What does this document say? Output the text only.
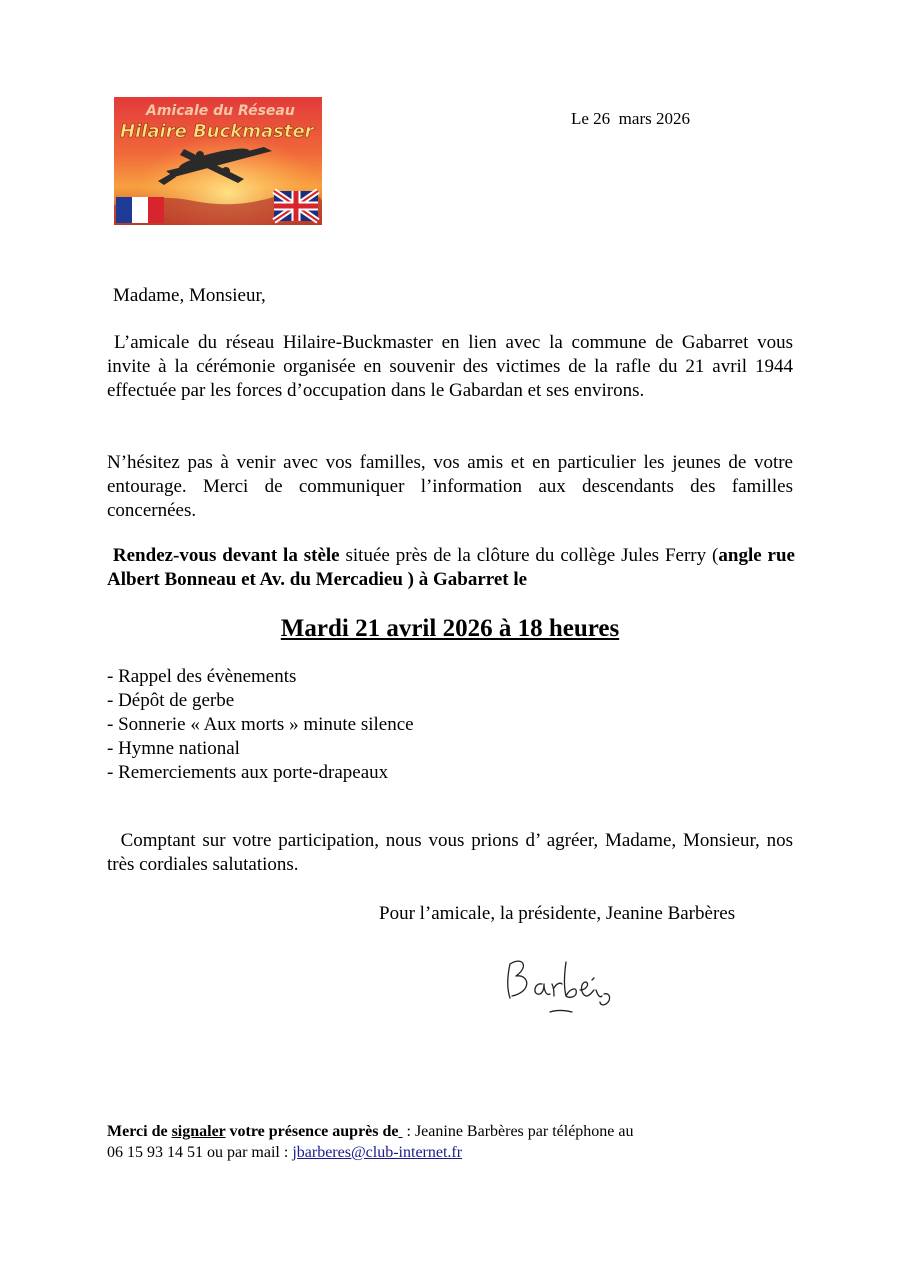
Amicale du Réseau
Hilaire Buckmaster
Le 26  mars 2026
Madame, Monsieur,
L’amicale du réseau Hilaire-Buckmaster en lien avec la commune de Gabarret vous invite à la cérémonie organisée en souvenir des victimes de la rafle du 21 avril 1944 effectuée par les forces d’occupation dans le Gabardan et ses environs.
N’hésitez pas à venir avec vos familles, vos amis et en particulier les jeunes de votre entourage. Merci de communiquer l’information aux descendants des familles concernées.
Rendez-vous devant la stèle située près de la clôture du collège Jules Ferry (angle rue Albert Bonneau et Av. du Mercadieu ) à Gabarret le
Mardi 21 avril 2026 à 18 heures
- Rappel des évènements
- Dépôt de gerbe
- Sonnerie « Aux morts » minute silence
- Hymne national
- Remerciements aux porte-drapeaux
Comptant sur votre participation, nous vous prions d’ agréer, Madame, Monsieur, nos très cordiales salutations.
Pour l’amicale, la présidente, Jeanine Barbères
Merci de signaler votre présence auprès de  : Jeanine Barbères par téléphone au
06 15 93 14 51 ou par mail : jbarberes@club-internet.fr
